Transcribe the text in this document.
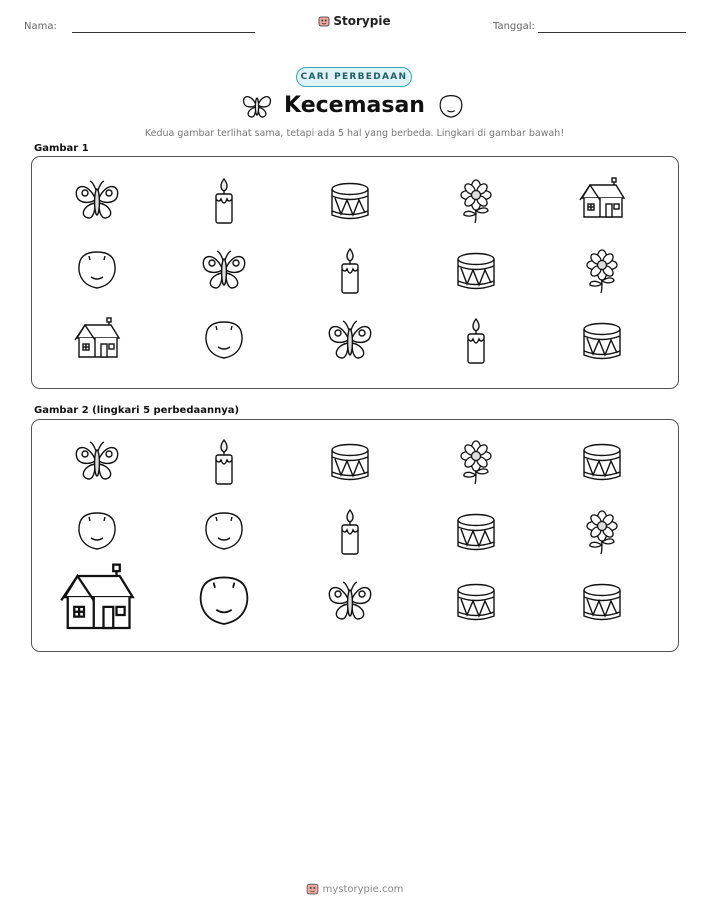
Nama:	Storypie	Tanggal:
CARI PERBEDAAN
Kecemasan
Kedua gambar terlihat sama, tetapi ada 5 hal yang berbeda. Lingkari di gambar bawah!
Gambar 1
Gambar 2 (lingkari 5 perbedaannya)
mystorypie.com
